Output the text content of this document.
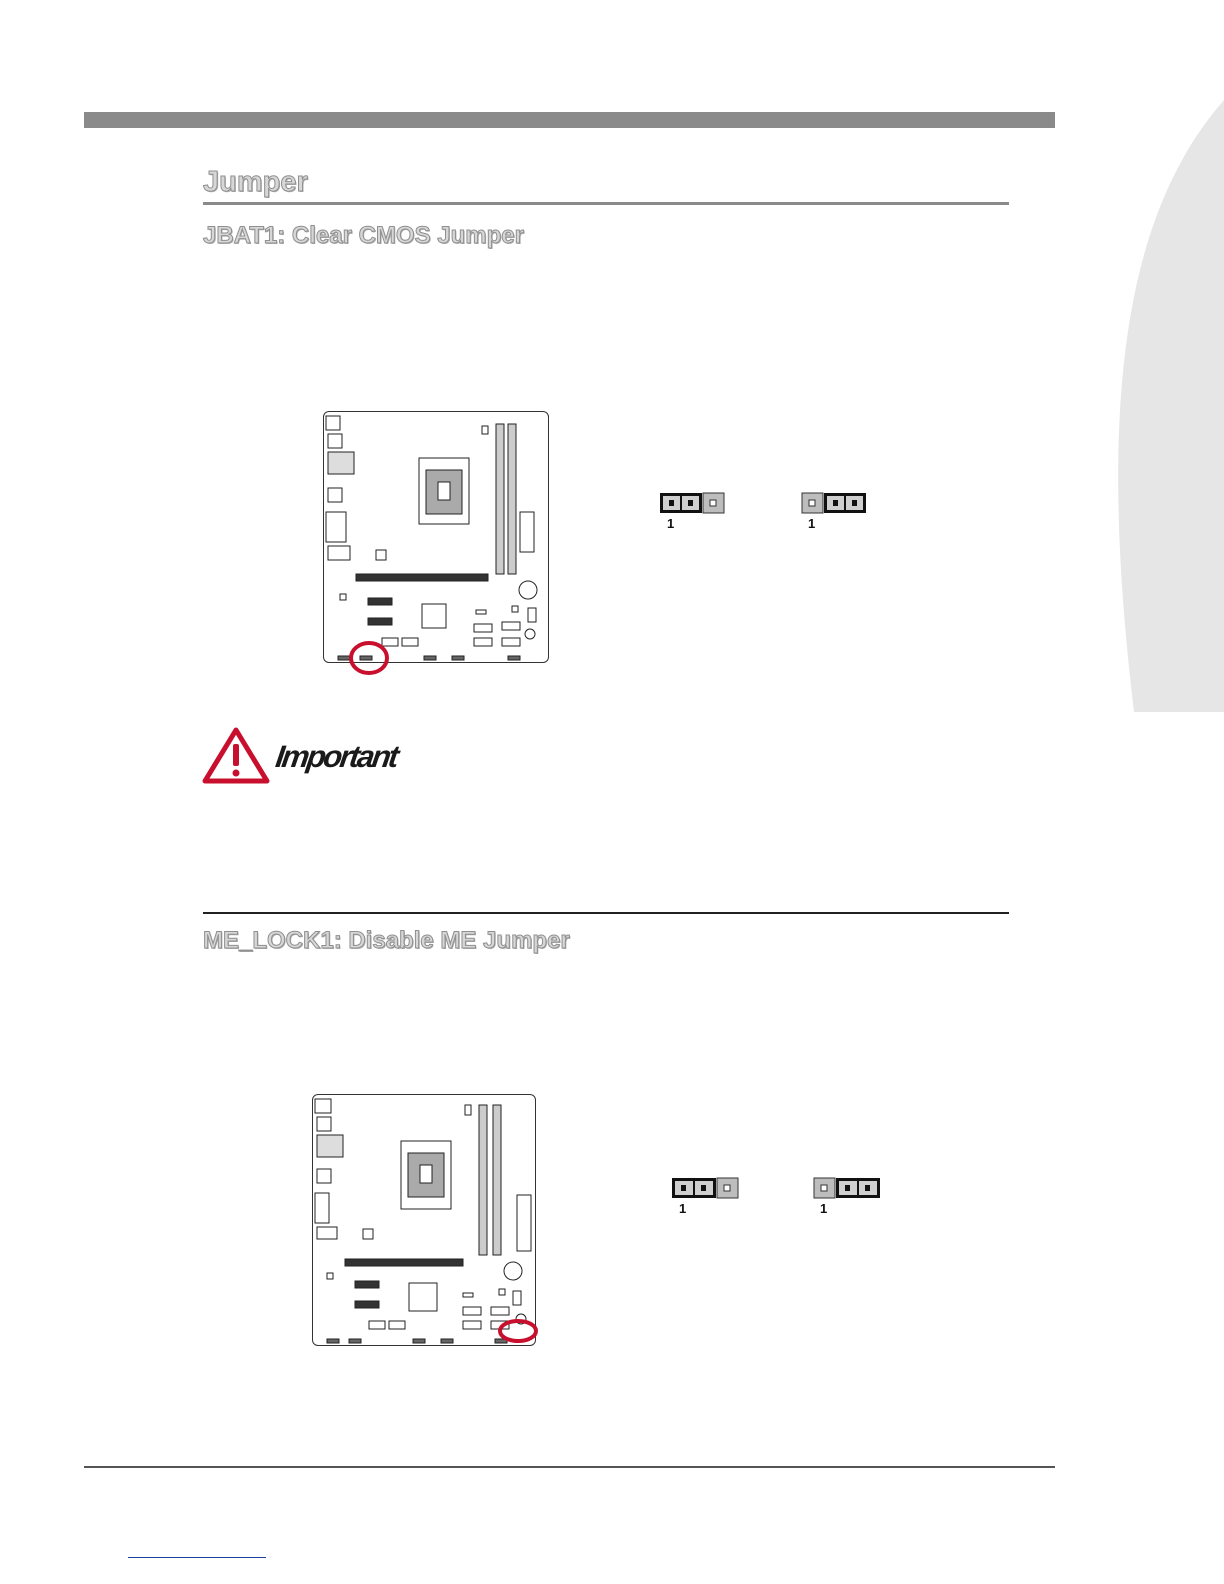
Jumper
JBAT1: Clear CMOS Jumper
1	1
Important
ME_LOCK1: Disable ME Jumper
1	1
